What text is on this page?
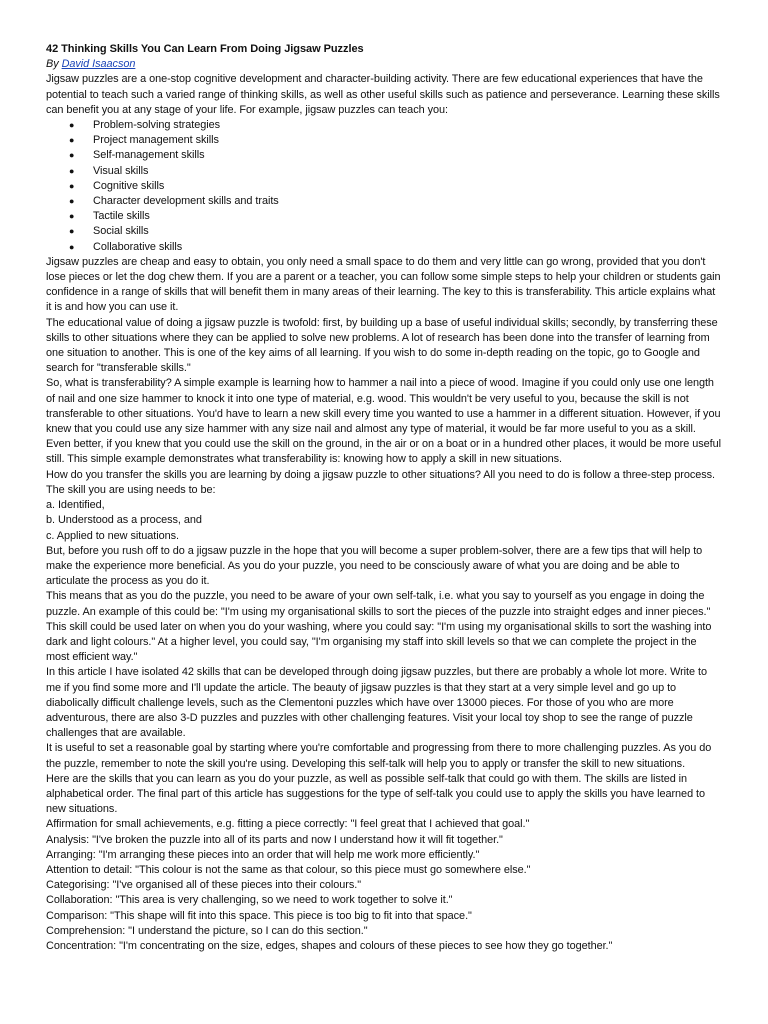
42 Thinking Skills You Can Learn From Doing Jigsaw Puzzles

By David Isaacson

Jigsaw puzzles are a one-stop cognitive development and character-building activity. There are few educational experiences that have the potential to teach such a varied range of thinking skills, as well as other useful skills such as patience and perseverance. Learning these skills can benefit you at any stage of your life. For example, jigsaw puzzles can teach you:

● Problem-solving strategies
● Project management skills
● Self-management skills
● Visual skills
● Cognitive skills
● Character development skills and traits
● Tactile skills
● Social skills
● Collaborative skills

Jigsaw puzzles are cheap and easy to obtain, you only need a small space to do them and very little can go wrong, provided that you don't lose pieces or let the dog chew them. If you are a parent or a teacher, you can follow some simple steps to help your children or students gain confidence in a range of skills that will benefit them in many areas of their learning. The key to this is transferability. This article explains what it is and how you can use it.

The educational value of doing a jigsaw puzzle is twofold: first, by building up a base of useful individual skills; secondly, by transferring these skills to other situations where they can be applied to solve new problems. A lot of research has been done into the transfer of learning from one situation to another. This is one of the key aims of all learning. If you wish to do some in-depth reading on the topic, go to Google and search for "transferable skills."

So, what is transferability? A simple example is learning how to hammer a nail into a piece of wood. Imagine if you could only use one length of nail and one size hammer to knock it into one type of material, e.g. wood. This wouldn't be very useful to you, because the skill is not transferable to other situations. You'd have to learn a new skill every time you wanted to use a hammer in a different situation. However, if you knew that you could use any size hammer with any size nail and almost any type of material, it would be far more useful to you as a skill. Even better, if you knew that you could use the skill on the ground, in the air or on a boat or in a hundred other places, it would be more useful still. This simple example demonstrates what transferability is: knowing how to apply a skill in new situations.

How do you transfer the skills you are learning by doing a jigsaw puzzle to other situations? All you need to do is follow a three-step process. The skill you are using needs to be:

a. Identified,

b. Understood as a process, and

c. Applied to new situations.

But, before you rush off to do a jigsaw puzzle in the hope that you will become a super problem-solver, there are a few tips that will help to make the experience more beneficial. As you do your puzzle, you need to be consciously aware of what you are doing and be able to articulate the process as you do it.

This means that as you do the puzzle, you need to be aware of your own self-talk, i.e. what you say to yourself as you engage in doing the puzzle. An example of this could be: "I'm using my organisational skills to sort the pieces of the puzzle into straight edges and inner pieces." This skill could be used later on when you do your washing, where you could say: "I'm using my organisational skills to sort the washing into dark and light colours." At a higher level, you could say, "I'm organising my staff into skill levels so that we can complete the project in the most efficient way."

In this article I have isolated 42 skills that can be developed through doing jigsaw puzzles, but there are probably a whole lot more. Write to me if you find some more and I'll update the article. The beauty of jigsaw puzzles is that they start at a very simple level and go up to diabolically difficult challenge levels, such as the Clementoni puzzles which have over 13000 pieces. For those of you who are more adventurous, there are also 3-D puzzles and puzzles with other challenging features. Visit your local toy shop to see the range of puzzle challenges that are available.

It is useful to set a reasonable goal by starting where you're comfortable and progressing from there to more challenging puzzles. As you do the puzzle, remember to note the skill you're using. Developing this self-talk will help you to apply or transfer the skill to new situations.

Here are the skills that you can learn as you do your puzzle, as well as possible self-talk that could go with them. The skills are listed in alphabetical order. The final part of this article has suggestions for the type of self-talk you could use to apply the skills you have learned to new situations.

Affirmation for small achievements, e.g. fitting a piece correctly: "I feel great that I achieved that goal."

Analysis: "I've broken the puzzle into all of its parts and now I understand how it will fit together."

Arranging: "I'm arranging these pieces into an order that will help me work more efficiently."

Attention to detail: "This colour is not the same as that colour, so this piece must go somewhere else."

Categorising: "I've organised all of these pieces into their colours."

Collaboration: "This area is very challenging, so we need to work together to solve it."

Comparison: "This shape will fit into this space. This piece is too big to fit into that space."

Comprehension: "I understand the picture, so I can do this section."

Concentration: "I'm concentrating on the size, edges, shapes and colours of these pieces to see how they go together."
